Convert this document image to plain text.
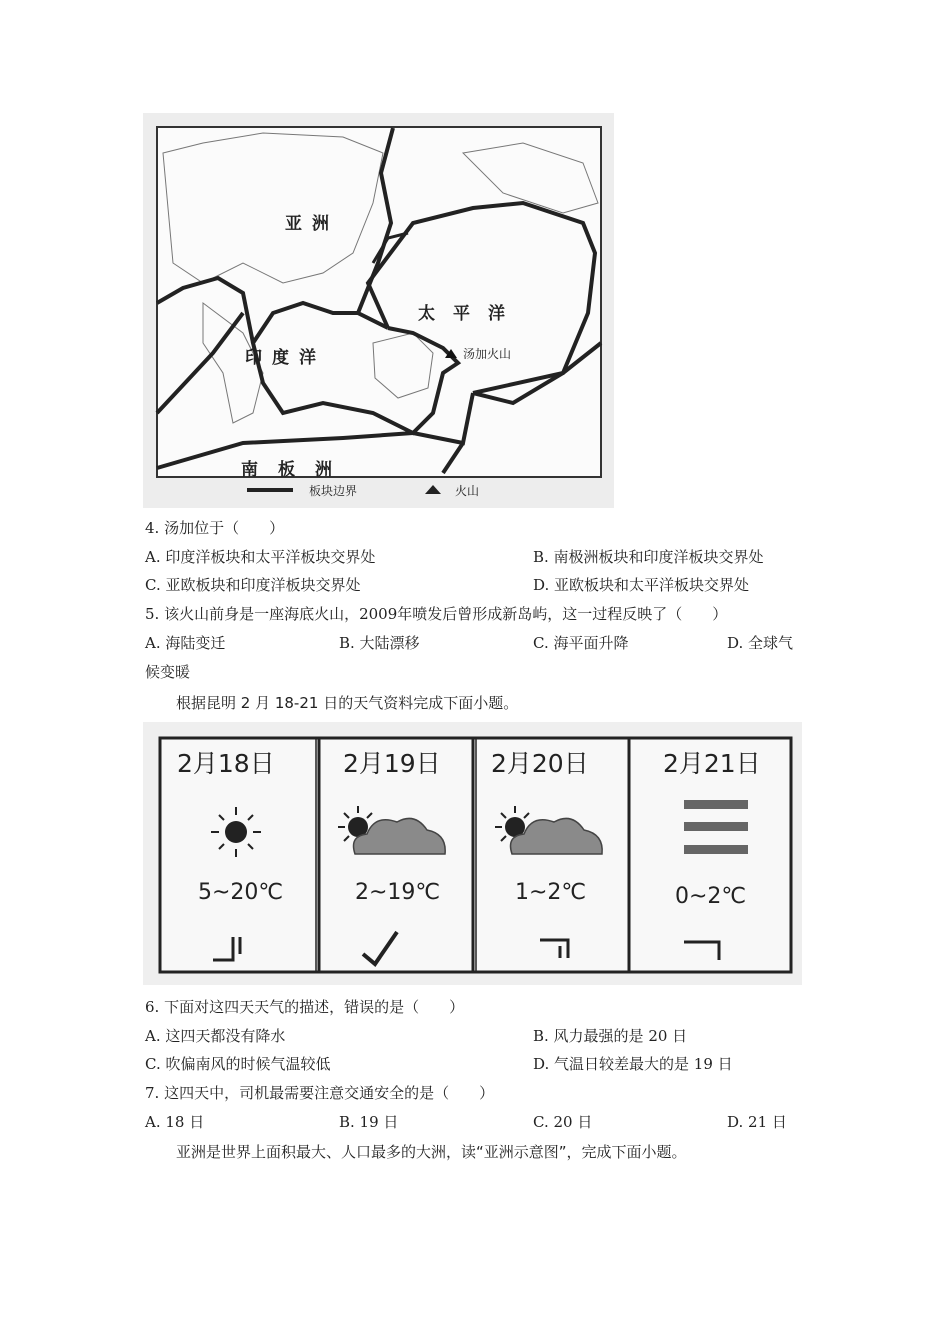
亚洲
太平洋
印度洋
南板洲
汤加火山
板块边界	火山
4. 汤加位于（　　）
A. 印度洋板块和太平洋板块交界处	B. 南极洲板块和印度洋板块交界处
C. 亚欧板块和印度洋板块交界处	D. 亚欧板块和太平洋板块交界处
5. 该火山前身是一座海底火山，2009年喷发后曾形成新岛屿，这一过程反映了（　　）
A. 海陆变迁	B. 大陆漂移	C. 海平面升降	D. 全球气
候变暖
根据昆明 2 月 18-21 日的天气资料完成下面小题。
2月18日	2月19日 2月20日	2月21日
5~20℃	2~19℃	1~2℃	0~2℃
6. 下面对这四天天气的描述，错误的是（　　）
A. 这四天都没有降水	B. 风力最强的是 20 日
C. 吹偏南风的时候气温较低	D. 气温日较差最大的是 19 日
7. 这四天中，司机最需要注意交通安全的是（　　）
A. 18 日	B. 19 日	C. 20 日	D. 21 日
亚洲是世界上面积最大、人口最多的大洲，读“亚洲示意图”，完成下面小题。
